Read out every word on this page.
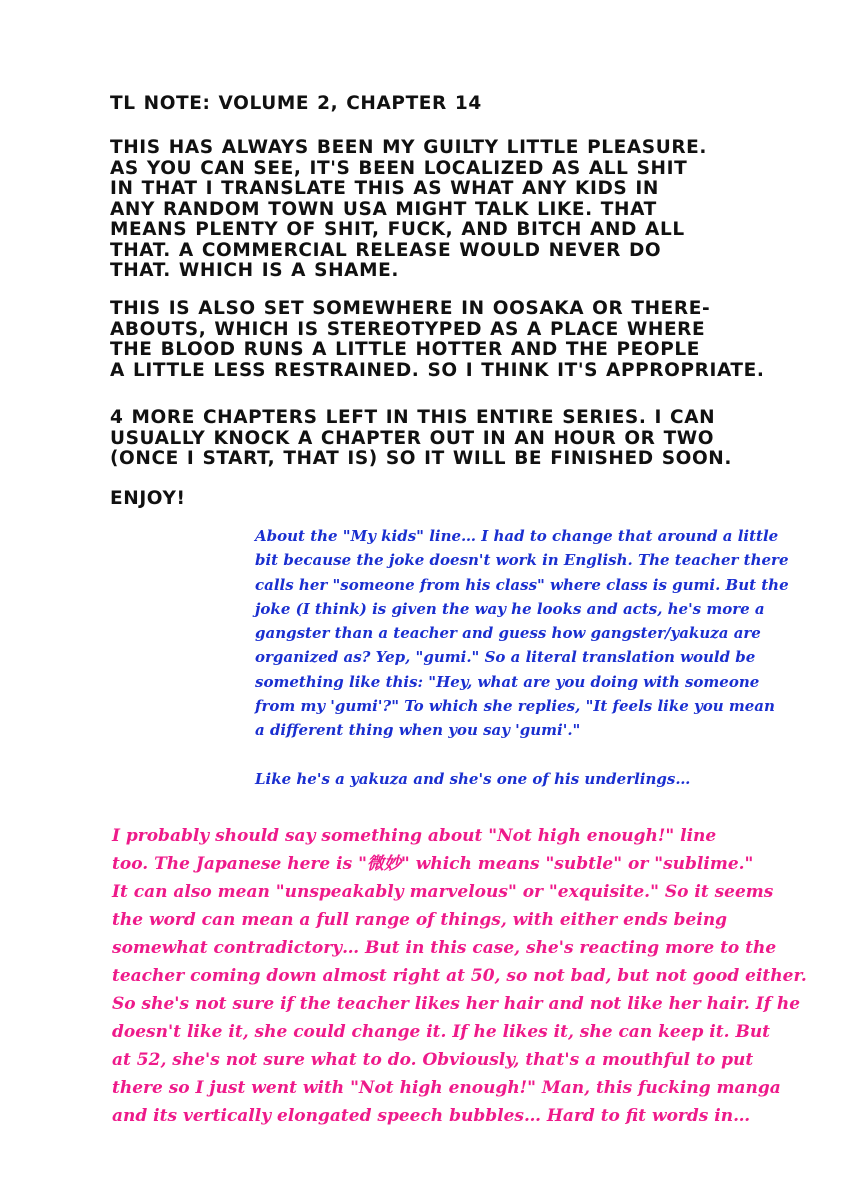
TL NOTE: VOLUME 2, CHAPTER 14
THIS HAS ALWAYS BEEN MY GUILTY LITTLE PLEASURE.
AS YOU CAN SEE, IT'S BEEN LOCALIZED AS ALL SHIT
IN THAT I TRANSLATE THIS AS WHAT ANY KIDS IN
ANY RANDOM TOWN USA MIGHT TALK LIKE. THAT
MEANS PLENTY OF SHIT, FUCK, AND BITCH AND ALL
THAT. A COMMERCIAL RELEASE WOULD NEVER DO
THAT. WHICH IS A SHAME.
THIS IS ALSO SET SOMEWHERE IN OOSAKA OR THERE-
ABOUTS, WHICH IS STEREOTYPED AS A PLACE WHERE
THE BLOOD RUNS A LITTLE HOTTER AND THE PEOPLE
A LITTLE LESS RESTRAINED. SO I THINK IT'S APPROPRIATE.
4 MORE CHAPTERS LEFT IN THIS ENTIRE SERIES. I CAN
USUALLY KNOCK A CHAPTER OUT IN AN HOUR OR TWO
(ONCE I START, THAT IS) SO IT WILL BE FINISHED SOON.
ENJOY!
About the "My kids" line… I had to change that around a little
bit because the joke doesn't work in English. The teacher there
calls her "someone from his class" where class is gumi. But the
joke (I think) is given the way he looks and acts, he's more a
gangster than a teacher and guess how gangster/yakuza are
organized as? Yep, "gumi." So a literal translation would be
something like this: "Hey, what are you doing with someone
from my 'gumi'?" To which she replies, "It feels like you mean
a different thing when you say 'gumi'."
Like he's a yakuza and she's one of his underlings…
I probably should say something about "Not high enough!" line
too. The Japanese here is "微妙" which means "subtle" or "sublime."
It can also mean "unspeakably marvelous" or "exquisite." So it seems
the word can mean a full range of things, with either ends being
somewhat contradictory… But in this case, she's reacting more to the
teacher coming down almost right at 50, so not bad, but not good either.
So she's not sure if the teacher likes her hair and not like her hair. If he
doesn't like it, she could change it. If he likes it, she can keep it. But
at 52, she's not sure what to do. Obviously, that's a mouthful to put
there so I just went with "Not high enough!" Man, this fucking manga
and its vertically elongated speech bubbles… Hard to fit words in…
